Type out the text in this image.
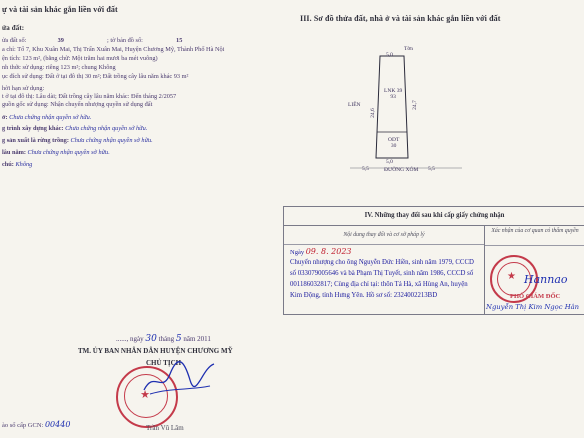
ự và tài sản khác gắn liền với đất
ửa đất:
ửa đất số:	39	; tờ bản đồ số:	15
a chỉ: Tổ 7, Khu Xuân Mai, Thị Trấn Xuân Mai, Huyện Chương Mỹ, Thành Phố Hà Nội
ện tích: 123 m², (bằng chữ: Một trăm hai mươi ba mét vuông)
nh thức sử dụng: riêng 123 m²; chung Không
ục đích sử dụng: Đất ở tại đô thị 30 m²; Đất trồng cây lâu năm khác 93 m²
hời hạn sử dụng:
t ở tại đô thị: Lâu dài; Đất trồng cây lâu năm khác: Đến tháng 2/2057
guồn gốc sử dụng: Nhận chuyển nhượng quyền sử dụng đất
ở: Chưa chứng nhận quyền sở hữu.
g trình xây dựng khác: Chưa chứng nhận quyền sở hữu.
g sản xuất là rừng trồng: Chưa chứng nhận quyền sở hữu.
lâu năm: Chưa chứng nhận quyền sở hữu.
chú: Không
......, ngày 30 tháng 5 năm 2011
TM. ỦY BAN NHÂN DÂN HUYỆN CHƯƠNG MỸ
CHỦ TỊCH
★
Trần Vũ Lâm
ào sổ cấp GCN: 00440
III. Sơ đồ thửa đất, nhà ở và tài sản khác gắn liền với đất
Tờn
5,0
LIÊN
24,6
24,7
LNK 39
93
ODT
30
5,0
5,5	ĐƯỜNG XÓM 5,5
IV. Những thay đổi sau khi cấp giấy chứng nhận
Nội dung thay đổi và cơ sở pháp lý
Xác nhận của cơ quan có thẩm quyền
Ngày 09. 8. 2023
Chuyển nhượng cho ông Nguyễn Đức Hiền, sinh năm 1979, CCCD số 033079005646 và bà Phạm Thị Tuyết, sinh năm 1986, CCCD số 001186032817; Cùng địa chỉ tại: thôn Tả Hà, xã Hùng An, huyện Kim Động, tỉnh Hưng Yên. Hồ sơ số: 2324002213BD
★ Hannao
PHÓ GIÁM ĐỐC
Nguyễn Thị Kim Ngọc Hân
